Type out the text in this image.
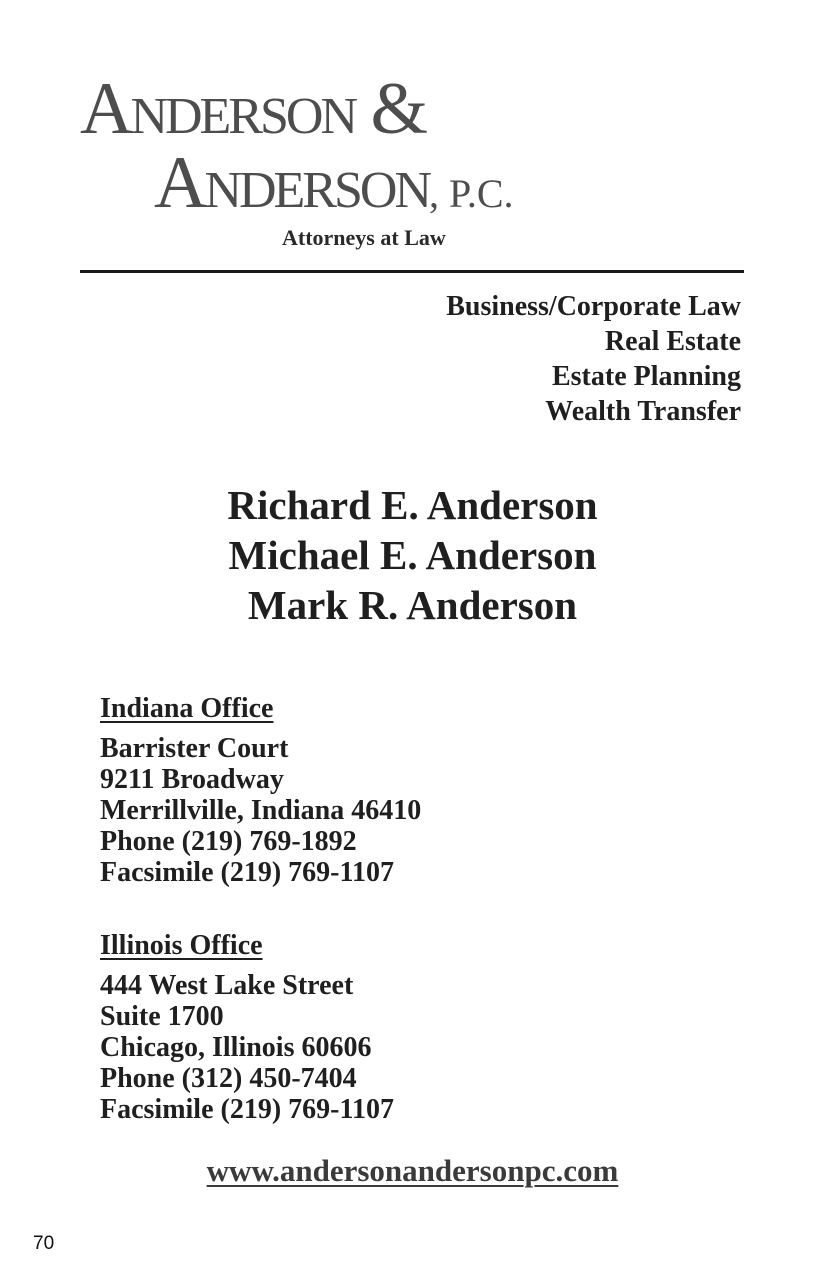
Anderson &
Anderson, P.C.
Attorneys at Law
Business/Corporate Law
Real Estate
Estate Planning
Wealth Transfer
Richard E. Anderson
Michael E. Anderson
Mark R. Anderson
Indiana Office
Barrister Court
9211 Broadway
Merrillville, Indiana 46410
Phone (219) 769-1892
Facsimile (219) 769-1107
Illinois Office
444 West Lake Street
Suite 1700
Chicago, Illinois 60606
Phone (312) 450-7404
Facsimile (219) 769-1107
www.andersonandersonpc.com
70
